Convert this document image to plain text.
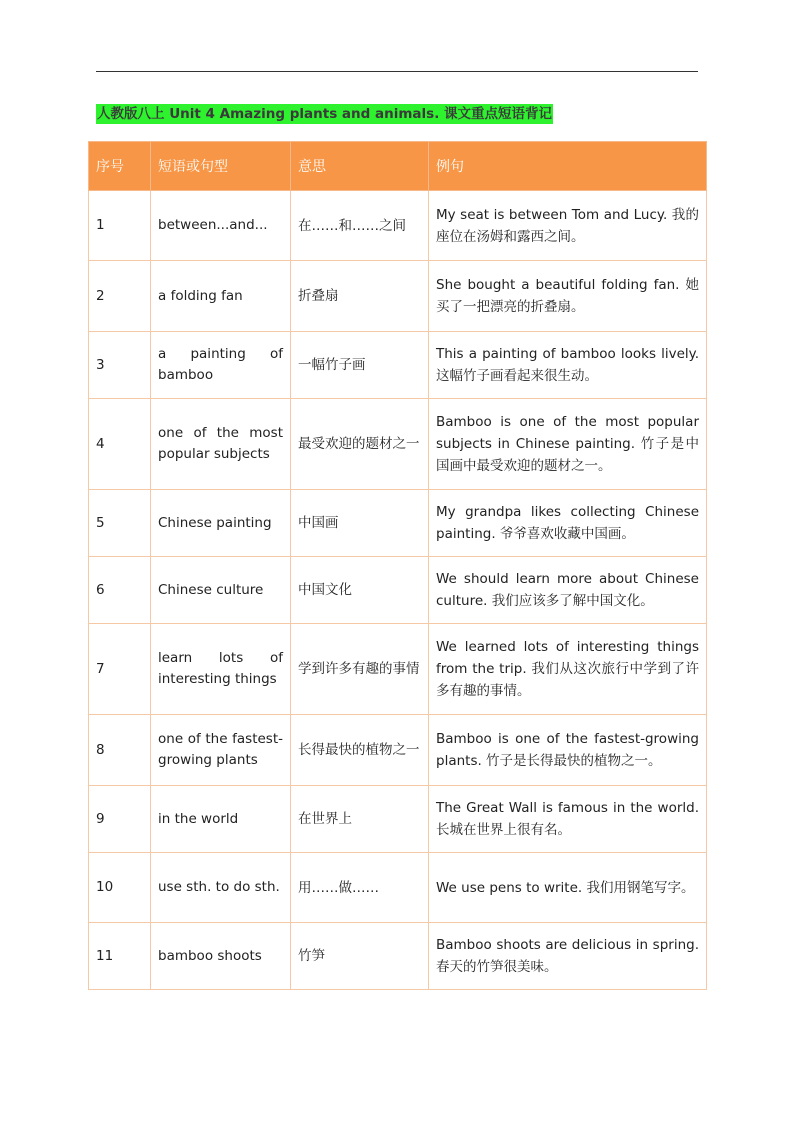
人教版八上 Unit 4 Amazing plants and animals. 课文重点短语背记
序号	短语或句型	意思	例句
1	between...and...	在……和……之间	My seat is between Tom and Lucy. 我的座位在汤姆和露西之间。
2	a folding fan	折叠扇	She bought a beautiful folding fan. 她买了一把漂亮的折叠扇。
3	a painting of bamboo	一幅竹子画	This a painting of bamboo looks lively. 这幅竹子画看起来很生动。
4	one of the most popular subjects	最受欢迎的题材之一	Bamboo is one of the most popular subjects in Chinese painting. 竹子是中国画中最受欢迎的题材之一。
5	Chinese painting	中国画	My grandpa likes collecting Chinese painting. 爷爷喜欢收藏中国画。
6	Chinese culture	中国文化	We should learn more about Chinese culture. 我们应该多了解中国文化。
7	learn lots of interesting things	学到许多有趣的事情	We learned lots of interesting things from the trip. 我们从这次旅行中学到了许多有趣的事情。
8	one of the fastest-growing plants	长得最快的植物之一	Bamboo is one of the fastest-growing plants. 竹子是长得最快的植物之一。
9	in the world	在世界上	The Great Wall is famous in the world. 长城在世界上很有名。
10	use sth. to do sth.	用……做……	We use pens to write. 我们用钢笔写字。
11	bamboo shoots	竹笋	Bamboo shoots are delicious in spring. 春天的竹笋很美味。
